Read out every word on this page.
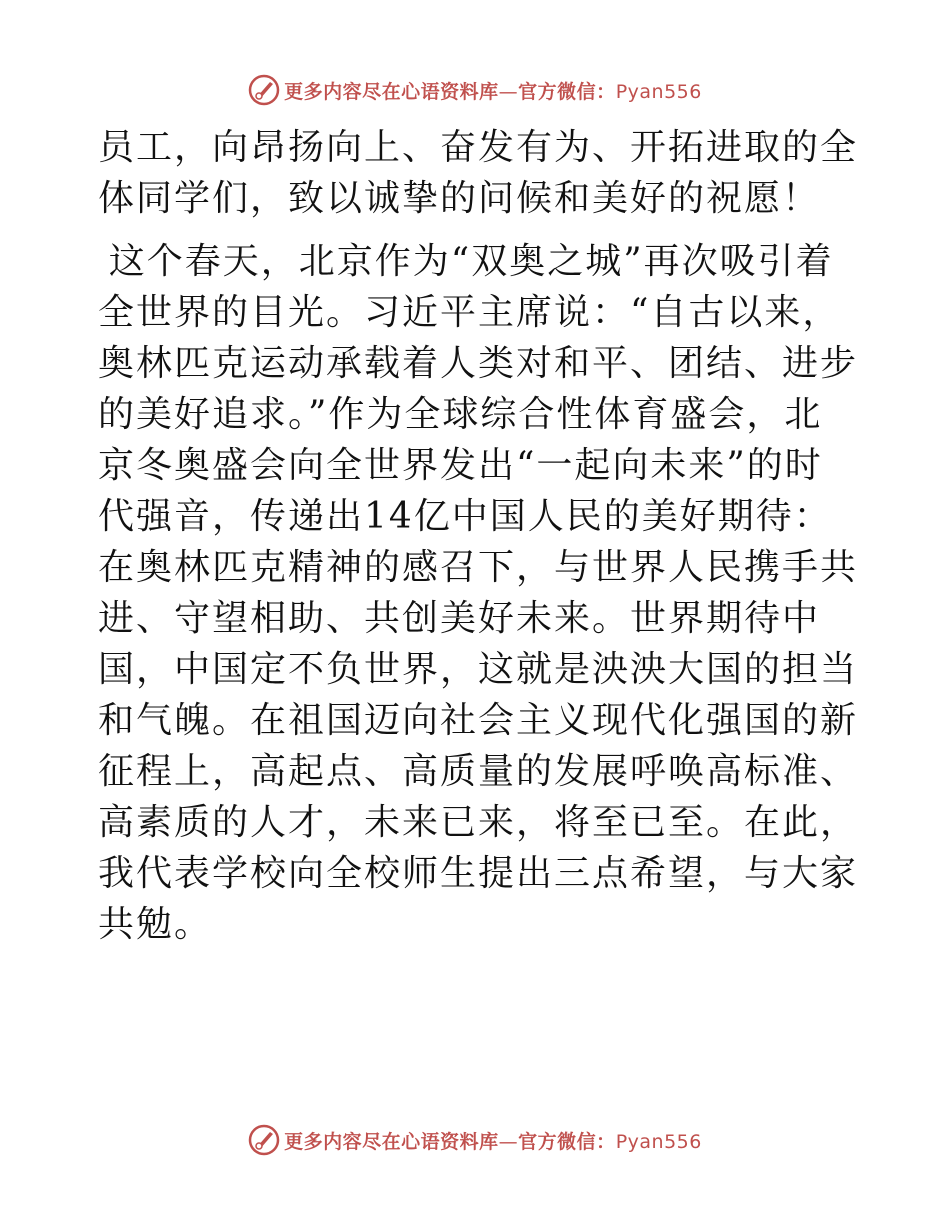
更多内容尽在心语资料库—官方微信：Pyan556

员工，向昂扬向上、奋发有为、开拓进取的全体同学们，致以诚挚的问候和美好的祝愿！

这个春天，北京作为“双奥之城”再次吸引着全世界的目光。习近平主席说：“自古以来，奥林匹克运动承载着人类对和平、团结、进步的美好追求。”作为全球综合性体育盛会，北京冬奥盛会向全世界发出“一起向未来”的时代强音，传递出14亿中国人民的美好期待：在奥林匹克精神的感召下，与世界人民携手共进、守望相助、共创美好未来。世界期待中国，中国定不负世界，这就是泱泱大国的担当和气魄。在祖国迈向社会主义现代化强国的新征程上，高起点、高质量的发展呼唤高标准、高素质的人才，未来已来，将至已至。在此，我代表学校向全校师生提出三点希望，与大家共勉。

更多内容尽在心语资料库—官方微信：Pyan556
